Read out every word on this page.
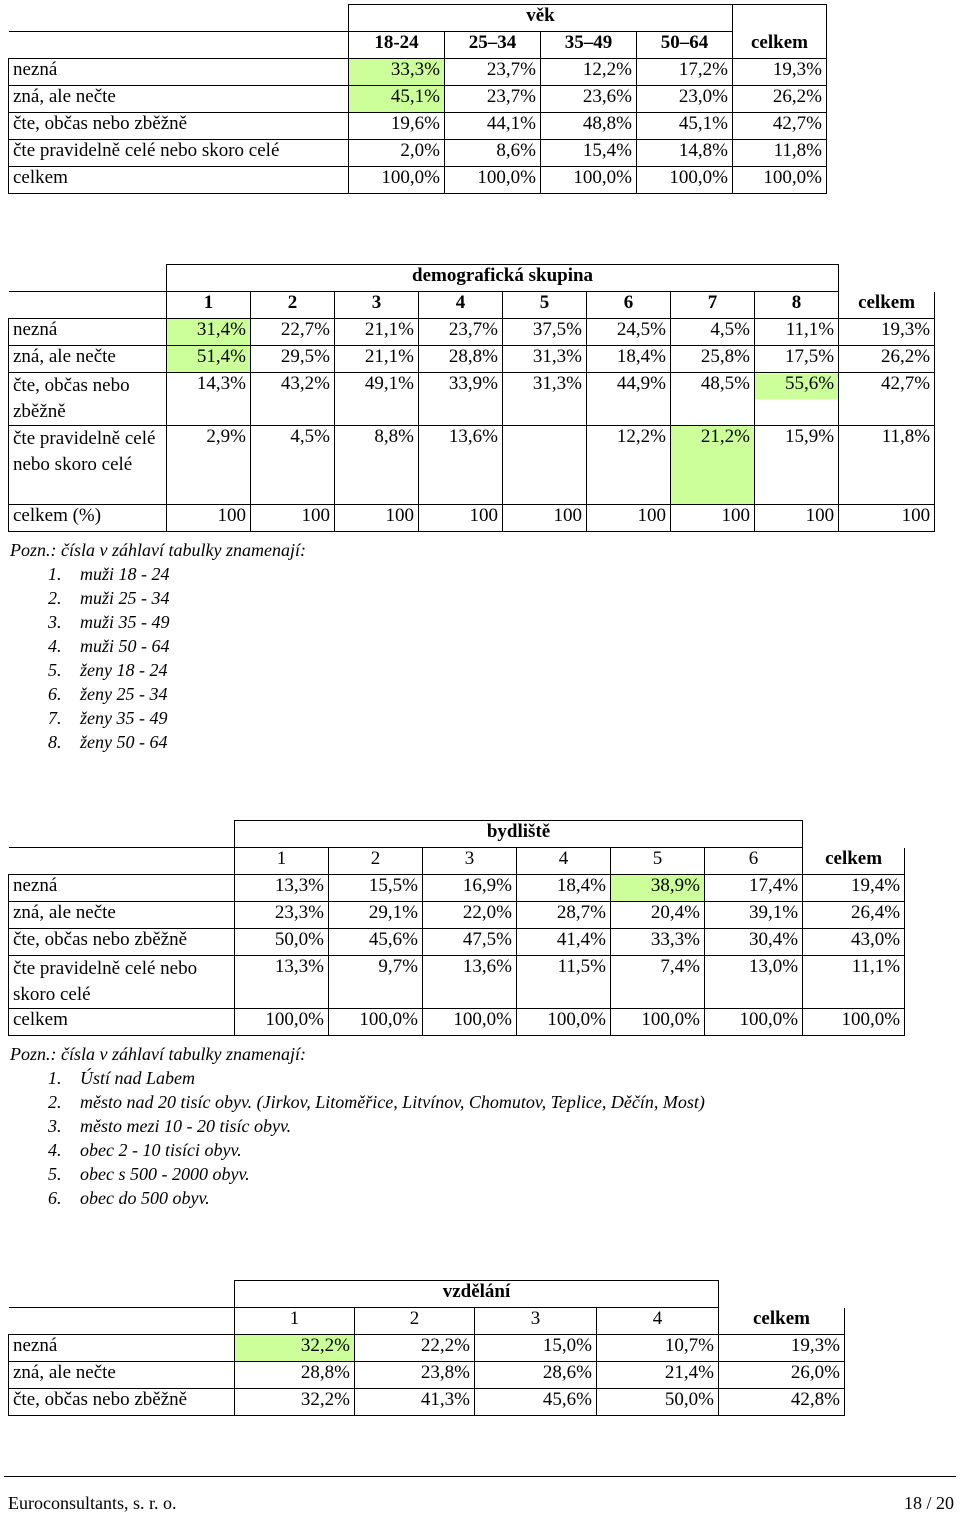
	věk				
	18-24	25–34	35–49	50–64	celkem
nezná	33,3%	23,7%	12,2%	17,2%	19,3%
zná, ale nečte	45,1%	23,7%	23,6%	23,0%	26,2%
čte, občas nebo zběžně	19,6%	44,1%	48,8%	45,1%	42,7%
čte pravidelně celé nebo skoro celé	2,0%	8,6%	15,4%	14,8%	11,8%
celkem	100,0%	100,0%	100,0%	100,0%	100,0%
	demografická skupina								
	1	2	3	4	5	6	7	8	celkem
nezná	31,4%	22,7%	21,1%	23,7%	37,5%	24,5%	4,5%	11,1%	19,3%
zná, ale nečte	51,4%	29,5%	21,1%	28,8%	31,3%	18,4%	25,8%	17,5%	26,2%
čte, občas nebo zběžně	14,3%	43,2%	49,1%	33,9%	31,3%	44,9%	48,5%	55,6%	42,7%
čte pravidelně celé nebo skoro celé	2,9%	4,5%	8,8%	13,6%		12,2%	21,2%	15,9%	11,8%
celkem (%)	100	100	100	100	100	100	100	100	100
Pozn.: čísla v záhlaví tabulky znamenají:
1. muži 18 - 24
2. muži 25 - 34
3. muži 35 - 49
4. muži 50 - 64
5. ženy 18 - 24
6. ženy 25 - 34
7. ženy 35 - 49
8. ženy 50 - 64
	bydliště						
	1	2	3	4	5	6	celkem
nezná	13,3%	15,5%	16,9%	18,4%	38,9%	17,4%	19,4%
zná, ale nečte	23,3%	29,1%	22,0%	28,7%	20,4%	39,1%	26,4%
čte, občas nebo zběžně	50,0%	45,6%	47,5%	41,4%	33,3%	30,4%	43,0%
čte pravidelně celé nebo skoro celé	13,3%	9,7%	13,6%	11,5%	7,4%	13,0%	11,1%
celkem	100,0%	100,0%	100,0%	100,0%	100,0%	100,0%	100,0%
Pozn.: čísla v záhlaví tabulky znamenají:
1. Ústí nad Labem
2. město nad 20 tisíc obyv. (Jirkov, Litoměřice, Litvínov, Chomutov, Teplice, Děčín, Most)
3. město mezi 10 - 20 tisíc obyv.
4. obec 2 - 10 tisíci obyv.
5. obec s 500 - 2000 obyv.
6. obec do 500 obyv.
	vzdělání				
	1	2	3	4	celkem
nezná	32,2%	22,2%	15,0%	10,7%	19,3%
zná, ale nečte	28,8%	23,8%	28,6%	21,4%	26,0%
čte, občas nebo zběžně	32,2%	41,3%	45,6%	50,0%	42,8%
Euroconsultants, s. r. o.	18 / 20
